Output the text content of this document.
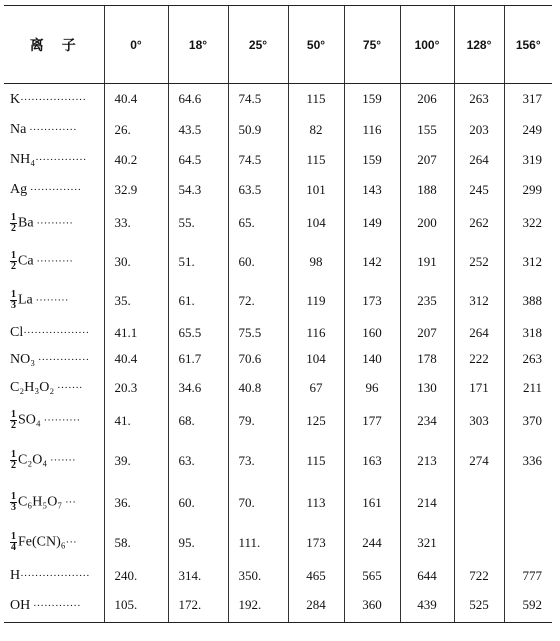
离子	0°	18°	25°	50°	75°	100°	128°	156°
K··················	40.4	64.6	74.5	115	159	206	263	317
Na ·············	26.	43.5	50.9	82	116	155	203	249
NH₄··············	40.2	64.5	74.5	115	159	207	264	319
Ag ··············	32.9	54.3	63.5	101	143	188	245	299

$\frac{1}{2}$ Ba ··········	33.	55.	65.	104	149	200	262	322

$\frac{1}{2}$ Ca ··········	30.	51.	60.	98	142	191	252	312

$\frac{1}{3}$ La ·········	35.	61.	72.	119	173	235	312	388
Cl··················	41.1	65.5	75.5	116	160	207	264	318
NO₃ ··············	40.4	61.7	70.6	104	140	178	222	263
C₂H₃O₂ ·······	20.3	34.6	40.8	67	96	130	171	211

$\frac{1}{2} SO_4$ ··········	41.	68.	79.	125	177	234	303	370

$\frac{1}{2} C_2O_4$ ·······	39.	63.	73.	115	163	213	274	336

$\frac{1}{3} C_6H_5O_7$ ···	36.	60.	70.	113	161	214		

$\frac{1}{4} Fe(CN)_6\cdot\cdot\cdot$	58.	95.	111.	173	244	321		
H···················	240.	314.	350.	465	565	644	722	777
OH ·············	105.	172.	192.	284	360	439	525	592
